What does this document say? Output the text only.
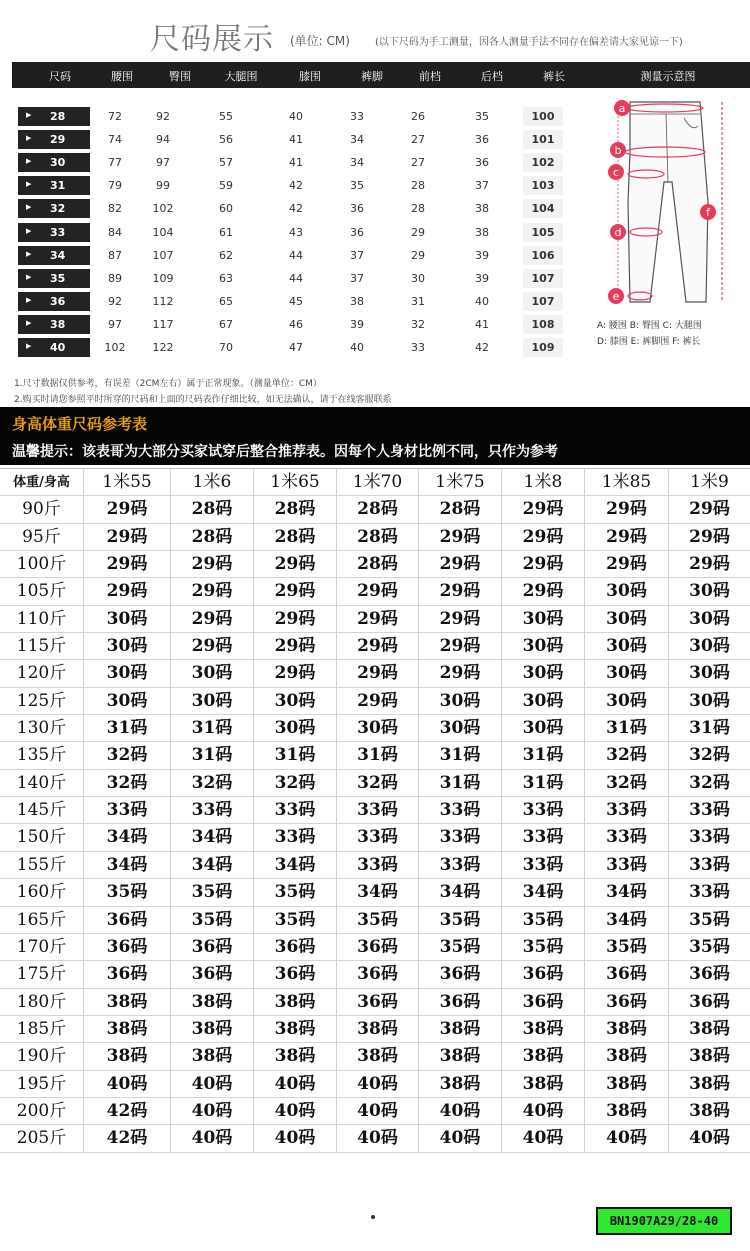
尺码展示 (单位: CM)	(以下尺码为手工测量，因各人测量手法不同存在偏差请大家见谅一下)
尺码	腰围	臀围	大腿围	膝围	裤脚	前档	后档	裤长	测量示意图
▶ 28	72	92	55	40	33	26	35	100
▶ 29	74	94	56	41	34	27	36	101
▶ 30	77	97	57	41	34	27	36	102
▶ 31	79	99	59	42	35	28	37	103
▶ 32	82	102	60	42	36	28	38	104
▶ 33	84	104	61	43	36	29	38	105
▶ 34	87	107	62	44	37	29	39	106
▶ 35	89	109	63	44	37	30	39	107
▶ 36	92	112	65	45	38	31	40	107
▶ 38	97	117	67	46	39	32	41	108
▶ 40	102	122	70	47	40	33	42	109
1.尺寸数据仅供参考，有误差（2CM左右）属于正常现象。（测量单位：CM）
2.购买时请您参照平时所穿的尺码和上面的尺码表作仔细比较，如无法确认，请于在线客服联系
a
b
c
d
e
f
A: 腰围 B: 臀围 C: 大腿围
D: 膝围 E: 裤脚围 F: 裤长
身高体重尺码参考表
温馨提示：该表哥为大部分买家试穿后整合推荐表。因每个人身材比例不同，只作为参考
体重/身高	1米55	1米6	1米65	1米70	1米75	1米8	1米85	1米9
90斤	29码	28码	28码	28码	28码	29码	29码	29码
95斤	29码	28码	28码	28码	29码	29码	29码	29码
100斤	29码	29码	29码	28码	29码	29码	29码	29码
105斤	29码	29码	29码	29码	29码	29码	30码	30码
110斤	30码	29码	29码	29码	29码	30码	30码	30码
115斤	30码	29码	29码	29码	29码	30码	30码	30码
120斤	30码	30码	29码	29码	29码	30码	30码	30码
125斤	30码	30码	30码	29码	30码	30码	30码	30码
130斤	31码	31码	30码	30码	30码	30码	31码	31码
135斤	32码	31码	31码	31码	31码	31码	32码	32码
140斤	32码	32码	32码	32码	31码	31码	32码	32码
145斤	33码	33码	33码	33码	33码	33码	33码	33码
150斤	34码	34码	33码	33码	33码	33码	33码	33码
155斤	34码	34码	34码	33码	33码	33码	33码	33码
160斤	35码	35码	35码	34码	34码	34码	34码	33码
165斤	36码	35码	35码	35码	35码	35码	34码	35码
170斤	36码	36码	36码	36码	35码	35码	35码	35码
175斤	36码	36码	36码	36码	36码	36码	36码	36码
180斤	38码	38码	38码	36码	36码	36码	36码	36码
185斤	38码	38码	38码	38码	38码	38码	38码	38码
190斤	38码	38码	38码	38码	38码	38码	38码	38码
195斤	40码	40码	40码	40码	38码	38码	38码	38码
200斤	42码	40码	40码	40码	40码	40码	38码	38码
205斤	42码	40码	40码	40码	40码	40码	40码	40码
BN1907A29/28-40
